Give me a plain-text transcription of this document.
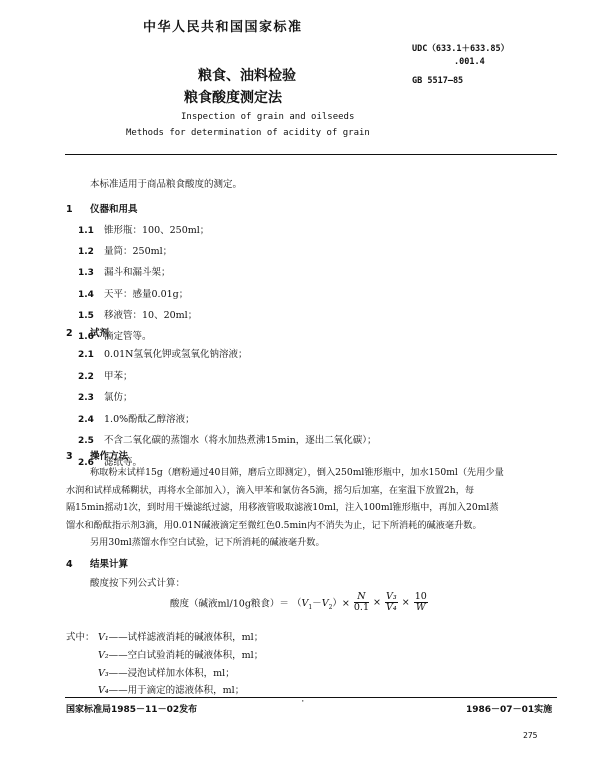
中华人民共和国国家标准
UDC（633.1＋633.85）
.001.4
粮食、油料检验
粮食酸度测定法
GB 5517—85
Inspection of grain and oilseeds
Methods for determination of acidity of grain
本标准适用于商品粮食酸度的测定。
1 仪器和用具
1.1 锥形瓶：100、250ml；
1.2 量筒：250ml；
1.3 漏斗和漏斗架；
1.4 天平：感量0.01g；
1.5 移液管：10、20ml；
1.6 滴定管等。
2 试剂
2.1 0.01N氢氧化钾或氢氧化钠溶液；
2.2 甲苯；
2.3 氯仿；
2.4 1.0%酚酞乙醇溶液；
2.5 不含二氧化碳的蒸馏水（将水加热煮沸15min，逐出二氧化碳）；
2.6 滤纸等。
3 操作方法
称取粉末试样15g（磨粉通过40目筛，磨后立即测定），倒入250ml锥形瓶中，加水150ml（先用少量
水润和试样成稀糊状，再将水全部加入），滴入甲苯和氯仿各5滴，摇匀后加塞，在室温下放置2h，每
隔15min摇动1次，到时用干燥滤纸过滤，用移液管吸取滤液10ml，注入100ml锥形瓶中，再加入20ml蒸
馏水和酚酞指示剂3滴，用0.01N碱液滴定至微红色0.5min内不消失为止，记下所消耗的碱液毫升数。
另用30ml蒸馏水作空白试验，记下所消耗的碱液毫升数。
4 结果计算
酸度按下列公式计算：
酸度（碱液ml/10g粮食）＝ $(V_1-V_2)\times \frac{N}{0.1} \times \frac{\text{V₃}}{\text{V₄}} \times \frac{10}{W}$
式中： V₁——试样滤液消耗的碱液体积，ml；
V₂——空白试验消耗的碱液体积，ml；
V₃——浸泡试样加水体积，ml；
V₄——用于滴定的滤液体积，ml；
国家标准局1985－11－02发布	˙	1986－07－01实施
275
